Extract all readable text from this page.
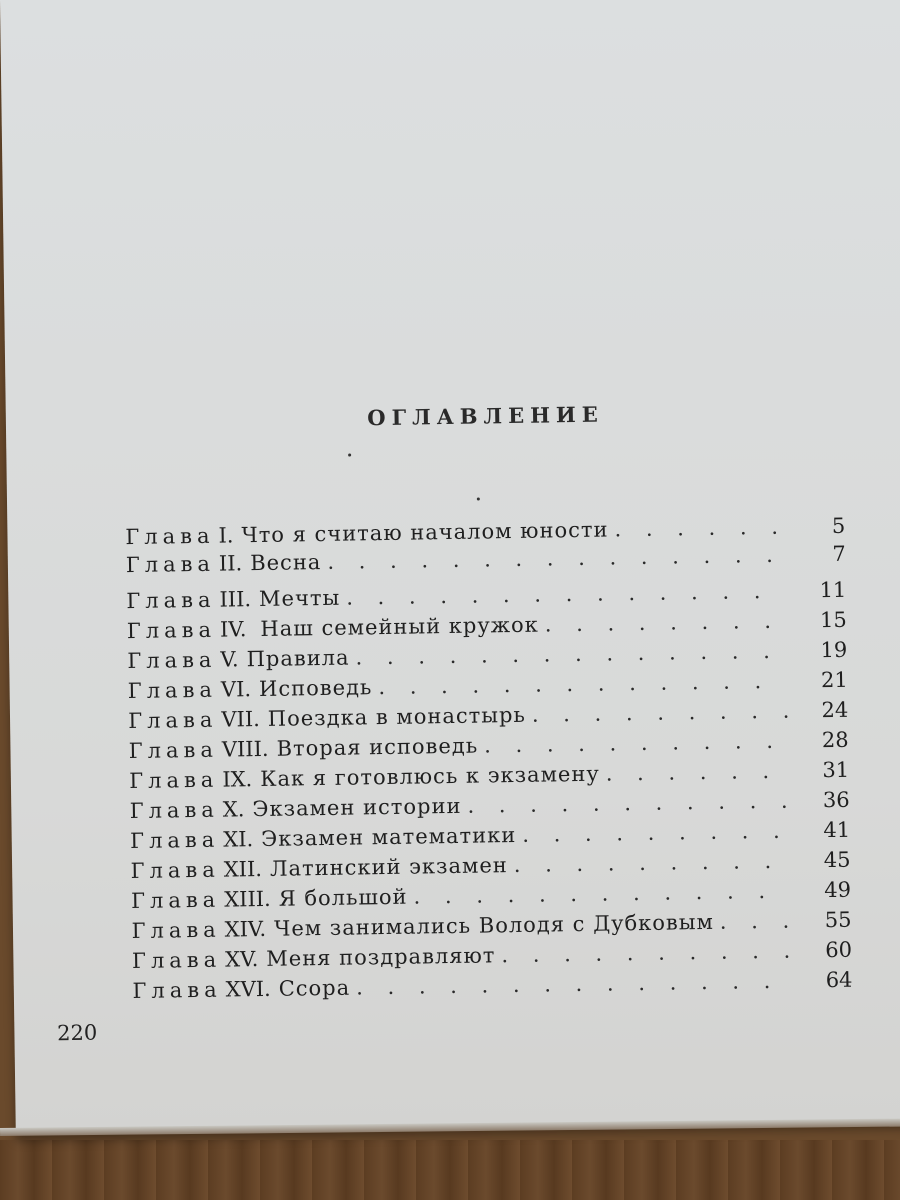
ОГЛАВЛЕНИЕ
Глава I. Что я считаю началом юности . . .	5
Глава II. Весна . . .	7
Глава III. Мечты . . .	11
Глава IV. Наш семейный кружок . . .	15
Глава V. Правила . . .	19
Глава VI. Исповедь . . .	21
Глава VII. Поездка в монастырь . . .	24
Глава VIII. Вторая исповедь . . .	28
Глава IX. Как я готовлюсь к экзамену . . .	31
Глава X. Экзамен истории . . .	36
Глава XI. Экзамен математики . . .	41
Глава XII. Латинский экзамен . . .	45
Глава XIII. Я большой . . .	49
Глава XIV. Чем занимались Володя с Дубковым . . .	55
Глава XV. Меня поздравляют . . .	60
Глава XVI. Ссора . . .	64
220
